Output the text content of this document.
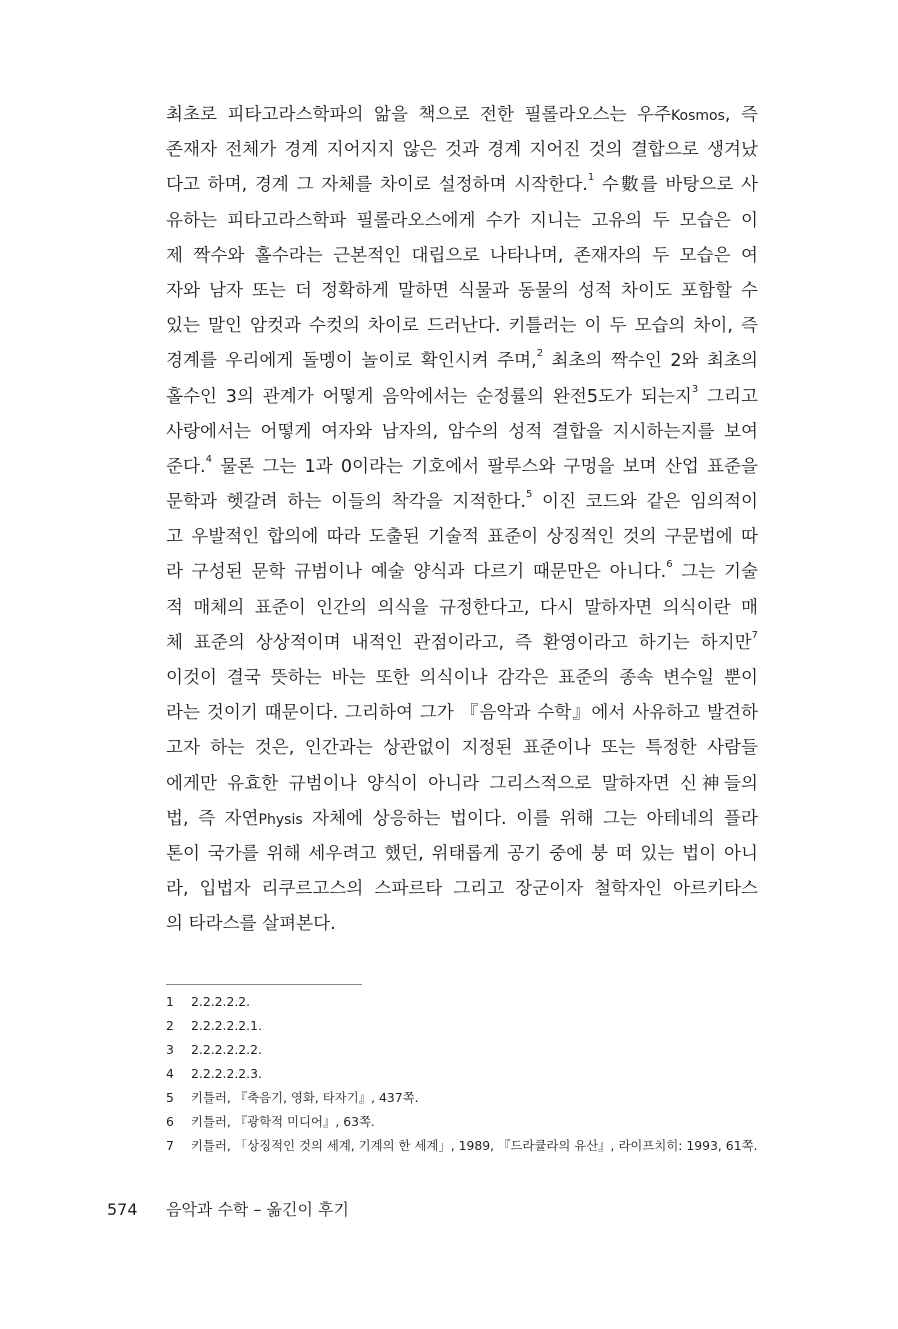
최초로 피타고라스학파의 앎을 책으로 전한 필롤라오스는 우주Kosmos, 즉
존재자 전체가 경계 지어지지 않은 것과 경계 지어진 것의 결합으로 생겨났
다고 하며, 경계 그 자체를 차이로 설정하며 시작한다.$^1$ 수數를 바탕으로 사
유하는 피타고라스학파 필롤라오스에게 수가 지니는 고유의 두 모습은 이
제 짝수와 홀수라는 근본적인 대립으로 나타나며, 존재자의 두 모습은 여
자와 남자 또는 더 정확하게 말하면 식물과 동물의 성적 차이도 포함할 수
있는 말인 암컷과 수컷의 차이로 드러난다. 키틀러는 이 두 모습의 차이, 즉
경계를 우리에게 돌멩이 놀이로 확인시켜 주며,$^2$ 최초의 짝수인 2와 최초의
홀수인 3의 관계가 어떻게 음악에서는 순정률의 완전5도가 되는지$^3$ 그리고
사랑에서는 어떻게 여자와 남자의, 암수의 성적 결합을 지시하는지를 보여
준다.$^4$ 물론 그는 1과 0이라는 기호에서 팔루스와 구멍을 보며 산업 표준을
문학과 헷갈려 하는 이들의 착각을 지적한다.$^5$ 이진 코드와 같은 임의적이
고 우발적인 합의에 따라 도출된 기술적 표준이 상징적인 것의 구문법에 따
라 구성된 문학 규범이나 예술 양식과 다르기 때문만은 아니다.$^6$ 그는 기술
적 매체의 표준이 인간의 의식을 규정한다고, 다시 말하자면 의식이란 매
체 표준의 상상적이며 내적인 관점이라고, 즉 환영이라고 하기는 하지만$^7$
이것이 결국 뜻하는 바는 또한 의식이나 감각은 표준의 종속 변수일 뿐이
라는 것이기 때문이다. 그리하여 그가 『음악과 수학』에서 사유하고 발견하
고자 하는 것은, 인간과는 상관없이 지정된 표준이나 또는 특정한 사람들
에게만 유효한 규범이나 양식이 아니라 그리스적으로 말하자면 신神들의
법, 즉 자연Physis 자체에 상응하는 법이다. 이를 위해 그는 아테네의 플라
톤이 국가를 위해 세우려고 했던, 위태롭게 공기 중에 붕 떠 있는 법이 아니
라, 입법자 리쿠르고스의 스파르타 그리고 장군이자 철학자인 아르키타스
의 타라스를 살펴본다.
1	2.2.2.2.2.
2	2.2.2.2.2.1.
3	2.2.2.2.2.2.
4	2.2.2.2.2.3.
5	키틀러, 『축음기, 영화, 타자기』, 437쪽.
6	키틀러, 『광학적 미디어』, 63쪽.
7	키틀러, 「상징적인 것의 세계, 기계의 한 세계」, 1989, 『드라큘라의 유산』, 라이프치히: 1993, 61쪽.
574	음악과 수학 – 옮긴이 후기
